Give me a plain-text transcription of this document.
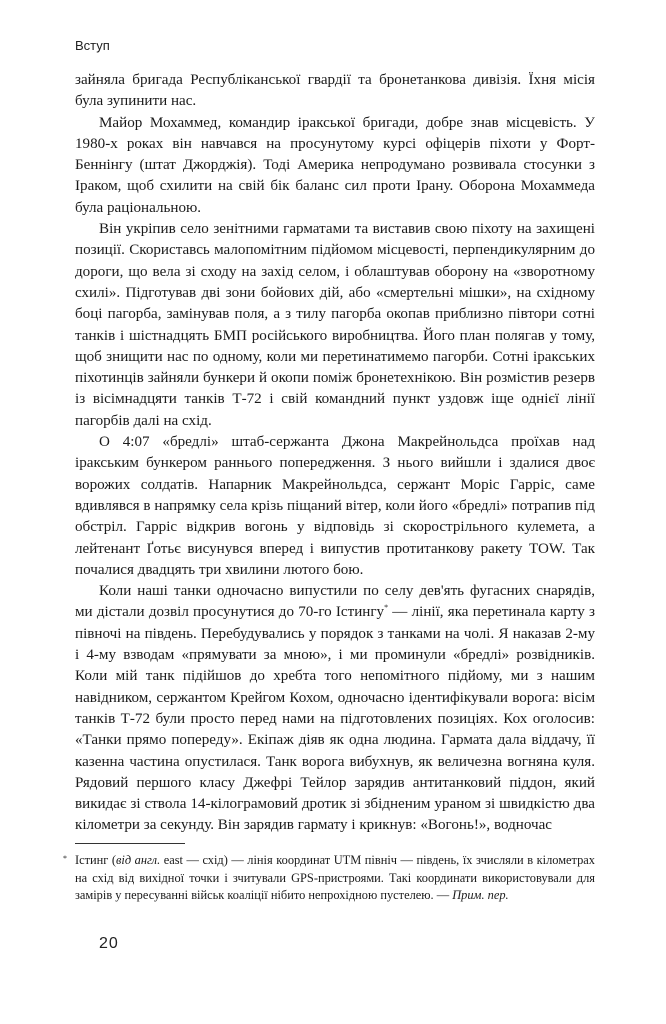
Вступ

зайняла бригада Республіканської гвардії та бронетанкова дивізія. Їхня місія була зупинити нас.

Майор Мохаммед, командир іракської бригади, добре знав місцевість. У 1980-х роках він навчався на просунутому курсі офіцерів піхоти у Форт-Беннінгу (штат Джорджія). Тоді Америка непродумано розвивала стосунки з Іраком, щоб схилити на свій бік баланс сил проти Ірану. Оборона Мохаммеда була раціональною.

Він укріпив село зенітними гарматами та виставив свою піхоту на захищені позиції. Скориставсь малопомітним підйомом місцевості, перпендикулярним до дороги, що вела зі сходу на захід селом, і облаштував оборону на «зворотному схилі». Підготував дві зони бойових дій, або «смертельні мішки», на східному боці пагорба, замінував поля, а з тилу пагорба окопав приблизно півтори сотні танків і шістнадцять БМП російського виробництва. Його план полягав у тому, щоб знищити нас по одному, коли ми перетинатимемо пагорби. Сотні іракських піхотинців зайняли бункери й окопи поміж бронетехнікою. Він розмістив резерв із вісімнадцяти танків Т-72 і свій командний пункт уздовж іще однієї лінії пагорбів далі на схід.

О 4:07 «бредлі» штаб-сержанта Джона Макрейнольдса проїхав над іракським бункером раннього попередження. З нього вийшли і здалися двоє ворожих солдатів. Напарник Макрейнольдса, сержант Моріс Гарріс, саме вдивлявся в напрямку села крізь піщаний вітер, коли його «бредлі» потрапив під обстріл. Гарріс відкрив вогонь у відповідь зі скорострільного кулемета, а лейтенант Ґотьє висунувся вперед і випустив протитанкову ракету TOW. Так почалися двадцять три хвилини лютого бою.

Коли наші танки одночасно випустили по селу дев'ять фугасних снарядів, ми дістали дозвіл просунутися до 70-го Істингу* — лінії, яка перетинала карту з півночі на південь. Перебудувались у порядок з танками на чолі. Я наказав 2-му і 4-му взводам «прямувати за мною», і ми проминули «бредлі» розвідників. Коли мій танк підійшов до хребта того непомітного підйому, ми з нашим навідником, сержантом Крейгом Кохом, одночасно ідентифікували ворога: вісім танків Т-72 були просто перед нами на підготовлених позиціях. Кох оголосив: «Танки прямо попереду». Екіпаж діяв як одна людина. Гармата дала віддачу, її казенна частина опустилася. Танк ворога вибухнув, як величезна вогняна куля. Рядовий першого класу Джефрі Тейлор зарядив антитанковий піддон, який викидає зі ствола 14-кілограмовий дротик зі збідненим ураном зі швидкістю два кілометри за секунду. Він зарядив гармату і крикнув: «Вогонь!», водночас

* Істинг (від англ. east — схід) — лінія координат UTM північ — південь, їх зчисляли в кілометрах на схід від вихідної точки і зчитували GPS-пристроями. Такі координати використовували для замірів у пересуванні військ коаліції нібито непрохідною пустелею. — Прим. пер.
20
